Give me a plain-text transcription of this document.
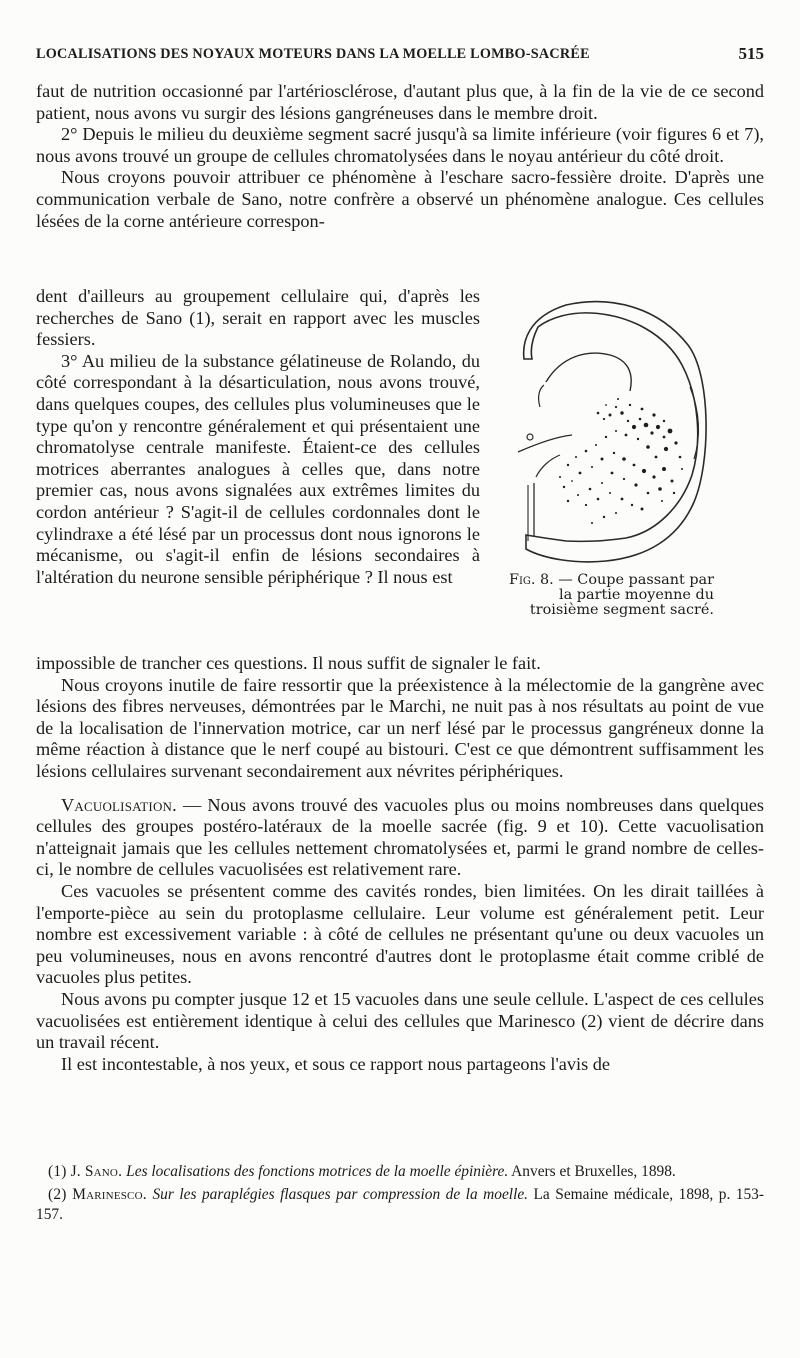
LOCALISATIONS DES NOYAUX MOTEURS DANS LA MOELLE LOMBO-SACRÉE	515

faut de nutrition occasionné par l'artériosclérose, d'autant plus que, à la fin de la vie de ce second patient, nous avons vu surgir des lésions gangréneuses dans le membre droit.

2° Depuis le milieu du deuxième segment sacré jusqu'à sa limite inférieure (voir figures 6 et 7), nous avons trouvé un groupe de cellules chromatolysées dans le noyau antérieur du côté droit.

Nous croyons pouvoir attribuer ce phénomène à l'eschare sacro-fessière droite. D'après une communication verbale de Sano, notre confrère a observé un phénomène analogue. Ces cellules lésées de la corne antérieure correspon-

dent d'ailleurs au groupement cellulaire qui, d'après les recherches de Sano (1), serait en rapport avec les muscles fessiers.

3° Au milieu de la substance gélatineuse de Rolando, du côté correspondant à la désarticulation, nous avons trouvé, dans quelques coupes, des cellules plus volumineuses que le type qu'on y rencontre généralement et qui présentaient une chromatolyse centrale manifeste. Étaient-ce des cellules motrices aberrantes analogues à celles que, dans notre premier cas, nous avons signalées aux extrêmes limites du cordon antérieur ? S'agit-il de cellules cordonnales dont le cylindraxe a été lésé par un processus dont nous ignorons le mécanisme, ou s'agit-il enfin de lésions secondaires à l'altération du neurone sensible périphérique ? Il nous est	Fig. 8. — Coupe passant par la partie moyenne du troisième segment sacré.

impossible de trancher ces questions. Il nous suffit de signaler le fait.

Nous croyons inutile de faire ressortir que la préexistence à la mélectomie de la gangrène avec lésions des fibres nerveuses, démontrées par le Marchi, ne nuit pas à nos résultats au point de vue de la localisation de l'innervation motrice, car un nerf lésé par le processus gangréneux donne la même réaction à distance que le nerf coupé au bistouri. C'est ce que démontrent suffisamment les lésions cellulaires survenant secondairement aux névrites périphériques.

Vacuolisation. — Nous avons trouvé des vacuoles plus ou moins nombreuses dans quelques cellules des groupes postéro-latéraux de la moelle sacrée (fig. 9 et 10). Cette vacuolisation n'atteignait jamais que les cellules nettement chromatolysées et, parmi le grand nombre de celles-ci, le nombre de cellules vacuolisées est relativement rare.

Ces vacuoles se présentent comme des cavités rondes, bien limitées. On les dirait taillées à l'emporte-pièce au sein du protoplasme cellulaire. Leur volume est généralement petit. Leur nombre est excessivement variable : à côté de cellules ne présentant qu'une ou deux vacuoles un peu volumineuses, nous en avons rencontré d'autres dont le protoplasme était comme criblé de vacuoles plus petites.

Nous avons pu compter jusque 12 et 15 vacuoles dans une seule cellule. L'aspect de ces cellules vacuolisées est entièrement identique à celui des cellules que Marinesco (2) vient de décrire dans un travail récent.

Il est incontestable, à nos yeux, et sous ce rapport nous partageons l'avis de

(1) J. Sano. Les localisations des fonctions motrices de la moelle épinière. Anvers et Bruxelles, 1898.

(2) Marinesco. Sur les paraplégies flasques par compression de la moelle. La Semaine médicale, 1898, p. 153-157.
